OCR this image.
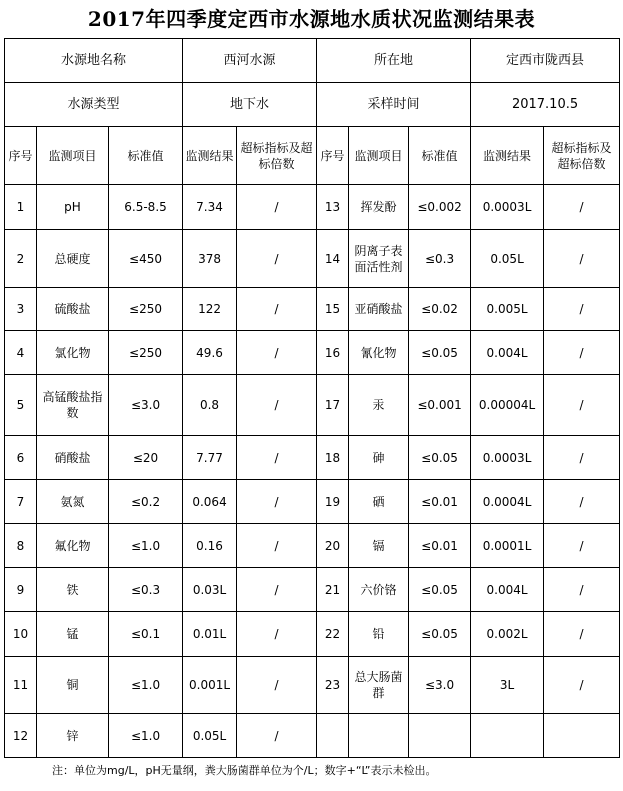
2017年四季度定西市水源地水质状况监测结果表
水源地名称			西河水源		所在地			定西市陇西县	
水源类型			地下水		采样时间			2017.10.5	
序号	监测项目	标准值	监测结果	超标指标及超标倍数	序号	监测项目	标准值	监测结果	超标指标及超标倍数
1	pH	6.5-8.5	7.34	/	13	挥发酚	≤0.002	0.0003L	/
2	总硬度	≤450	378	/	14	阴离子表面活性剂	≤0.3	0.05L	/
3	硫酸盐	≤250	122	/	15	亚硝酸盐	≤0.02	0.005L	/
4	氯化物	≤250	49.6	/	16	氰化物	≤0.05	0.004L	/
5	高锰酸盐指数	≤3.0	0.8	/	17	汞	≤0.001	0.00004L	/
6	硝酸盐	≤20	7.77	/	18	砷	≤0.05	0.0003L	/
7	氨氮	≤0.2	0.064	/	19	硒	≤0.01	0.0004L	/
8	氟化物	≤1.0	0.16	/	20	镉	≤0.01	0.0001L	/
9	铁	≤0.3	0.03L	/	21	六价铬	≤0.05	0.004L	/
10	锰	≤0.1	0.01L	/	22	铅	≤0.05	0.002L	/
11	铜	≤1.0	0.001L	/	23	总大肠菌群	≤3.0	3L	/
12	锌	≤1.0	0.05L	/					
注：单位为mg/L，pH无量纲，粪大肠菌群单位为个/L；数字+“L”表示未检出。
